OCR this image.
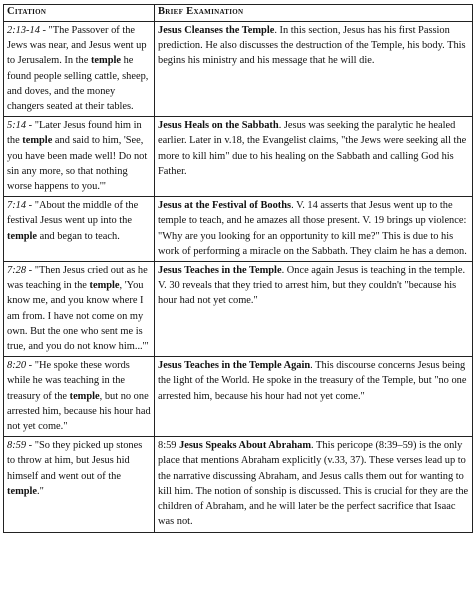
Citation	Brief Examination
2:13-14 - "The Passover of the Jews was near, and Jesus went up to Jerusalem. In the temple he found people selling cattle, sheep, and doves, and the money changers seated at their tables.	Jesus Cleanses the Temple. In this section, Jesus has his first Passion prediction. He also discusses the destruction of the Temple, his body. This begins his ministry and his message that he will die.
5:14 - "Later Jesus found him in the temple and said to him, 'See, you have been made well! Do not sin any more, so that nothing worse happens to you.'"	Jesus Heals on the Sabbath. Jesus was seeking the paralytic he healed earlier. Later in v.18, the Evangelist claims, "the Jews were seeking all the more to kill him" due to his healing on the Sabbath and calling God his Father.
7:14 - "About the middle of the festival Jesus went up into the temple and began to teach.	Jesus at the Festival of Booths. V. 14 asserts that Jesus went up to the temple to teach, and he amazes all those present. V. 19 brings up violence: "Why are you looking for an opportunity to kill me?" This is due to his work of performing a miracle on the Sabbath. They claim he has a demon.
7:28 - "Then Jesus cried out as he was teaching in the temple, 'You know me, and you know where I am from. I have not come on my own. But the one who sent me is true, and you do not know him...'"	Jesus Teaches in the Temple. Once again Jesus is teaching in the temple. V. 30 reveals that they tried to arrest him, but they couldn't "because his hour had not yet come."
8:20 - "He spoke these words while he was teaching in the treasury of the temple, but no one arrested him, because his hour had not yet come."	Jesus Teaches in the Temple Again. This discourse concerns Jesus being the light of the World. He spoke in the treasury of the Temple, but "no one arrested him, because his hour had not yet come."
8:59 - "So they picked up stones to throw at him, but Jesus hid himself and went out of the temple."	8:59 Jesus Speaks About Abraham. This pericope (8:39–59) is the only place that mentions Abraham explicitly (v.33, 37). These verses lead up to the narrative discussing Abraham, and Jesus calls them out for wanting to kill him. The notion of sonship is discussed. This is crucial for they are the children of Abraham, and he will later be the perfect sacrifice that Isaac was not.
